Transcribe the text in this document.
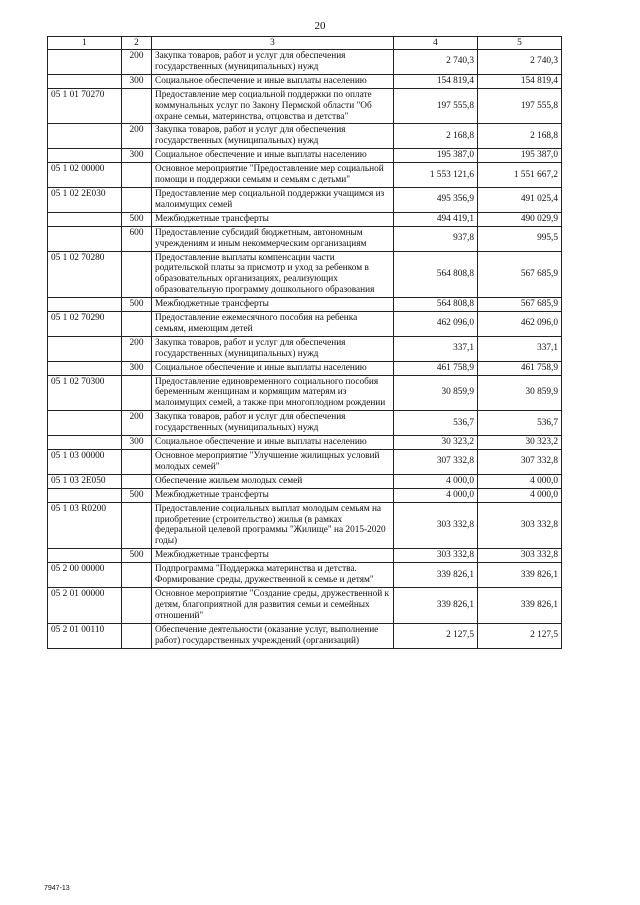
20
1	2	3	4	5
	200	Закупка товаров, работ и услуг для обеспечения государственных (муниципальных) нужд	2 740,3	2 740,3
	300	Социальное обеспечение и иные выплаты населению	154 819,4	154 819,4
05 1 01 70270		Предоставление мер социальной поддержки по оплате коммунальных услуг по Закону Пермской области "Об охране семьи, материнства, отцовства и детства"	197 555,8	197 555,8
	200	Закупка товаров, работ и услуг для обеспечения государственных (муниципальных) нужд	2 168,8	2 168,8
	300	Социальное обеспечение и иные выплаты населению	195 387,0	195 387,0
05 1 02 00000		Основное мероприятие "Предоставление мер социальной помощи и поддержки семьям и семьям с детьми"	1 553 121,6	1 551 667,2
05 1 02 2Е030		Предоставление мер социальной поддержки учащимся из малоимущих семей	495 356,9	491 025,4
	500	Межбюджетные трансферты	494 419,1	490 029,9
	600	Предоставление субсидий бюджетным, автономным учреждениям и иным некоммерческим организациям	937,8	995,5
05 1 02 70280		Предоставление выплаты компенсации части родительской платы за присмотр и уход за ребенком в образовательных организациях, реализующих образовательную программу дошкольного образования	564 808,8	567 685,9
	500	Межбюджетные трансферты	564 808,8	567 685,9
05 1 02 70290		Предоставление ежемесячного пособия на ребенка семьям, имеющим детей	462 096,0	462 096,0
	200	Закупка товаров, работ и услуг для обеспечения государственных (муниципальных) нужд	337,1	337,1
	300	Социальное обеспечение и иные выплаты населению	461 758,9	461 758,9
05 1 02 70300		Предоставление единовременного социального пособия беременным женщинам и кормящим матерям из малоимущих семей, а также при многоплодном рождении	30 859,9	30 859,9
	200	Закупка товаров, работ и услуг для обеспечения государственных (муниципальных) нужд	536,7	536,7
	300	Социальное обеспечение и иные выплаты населению	30 323,2	30 323,2
05 1 03 00000		Основное мероприятие "Улучшение жилищных условий молодых семей"	307 332,8	307 332,8
05 1 03 2Е050		Обеспечение жильем молодых семей	4 000,0	4 000,0
	500	Межбюджетные трансферты	4 000,0	4 000,0
05 1 03 R0200		Предоставление социальных выплат молодым семьям на приобретение (строительство) жилья (в рамках федеральной целевой программы "Жилище" на 2015-2020 годы)	303 332,8	303 332,8
	500	Межбюджетные трансферты	303 332,8	303 332,8
05 2 00 00000		Подпрограмма "Поддержка материнства и детства. Формирование среды, дружественной к семье и детям"	339 826,1	339 826,1
05 2 01 00000		Основное мероприятие "Создание среды, дружественной к детям, благоприятной для развития семьи и семейных отношений"	339 826,1	339 826,1
05 2 01 00110		Обеспечение деятельности (оказание услуг, выполнение работ) государственных учреждений (организаций)	2 127,5	2 127,5
7947-13
